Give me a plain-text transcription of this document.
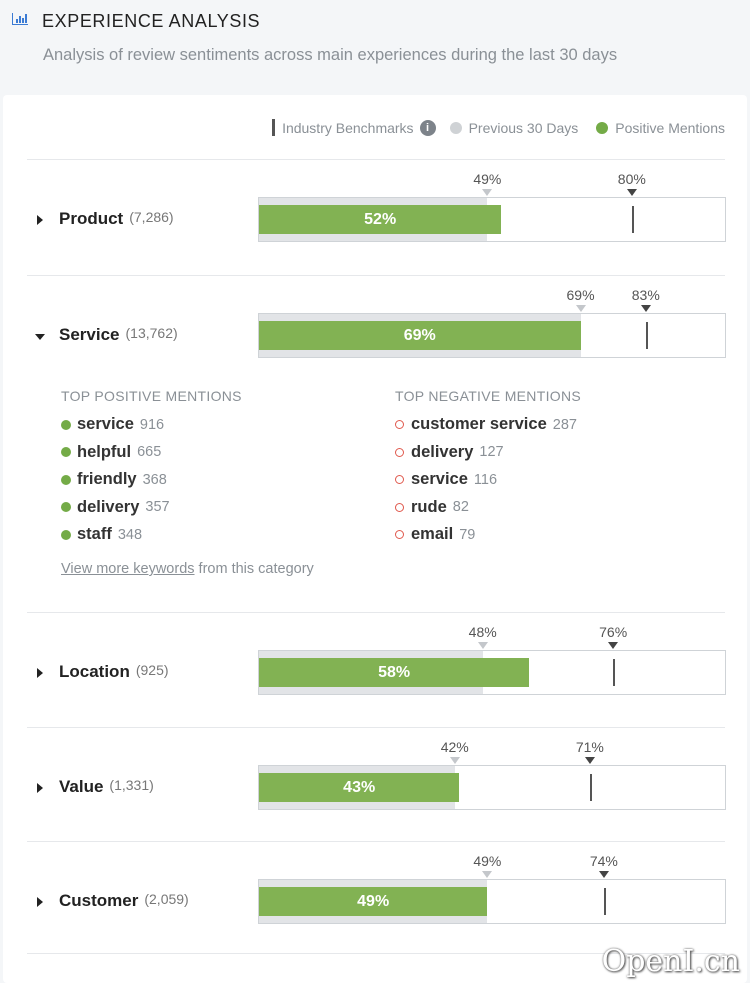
EXPERIENCE ANALYSIS
Analysis of review sentiments across main experiences during the last 30 days
Industry Benchmarks	i	Previous 30 Days	Positive Mentions
Product (7,286)	52%
49%	80%
Service (13,762)	69%
69%	83%
TOP POSITIVE MENTIONS
service 916
helpful 665
friendly 368
delivery 357
staff 348
TOP NEGATIVE MENTIONS
customer service 287
delivery 127
service 116
rude 82
email 79
View more keywords from this category
Location (925)	58%
48%	76%
Value (1,331)	43%
42%	71%
Customer (2,059)	49%
49%	74%
OpenI.cn
